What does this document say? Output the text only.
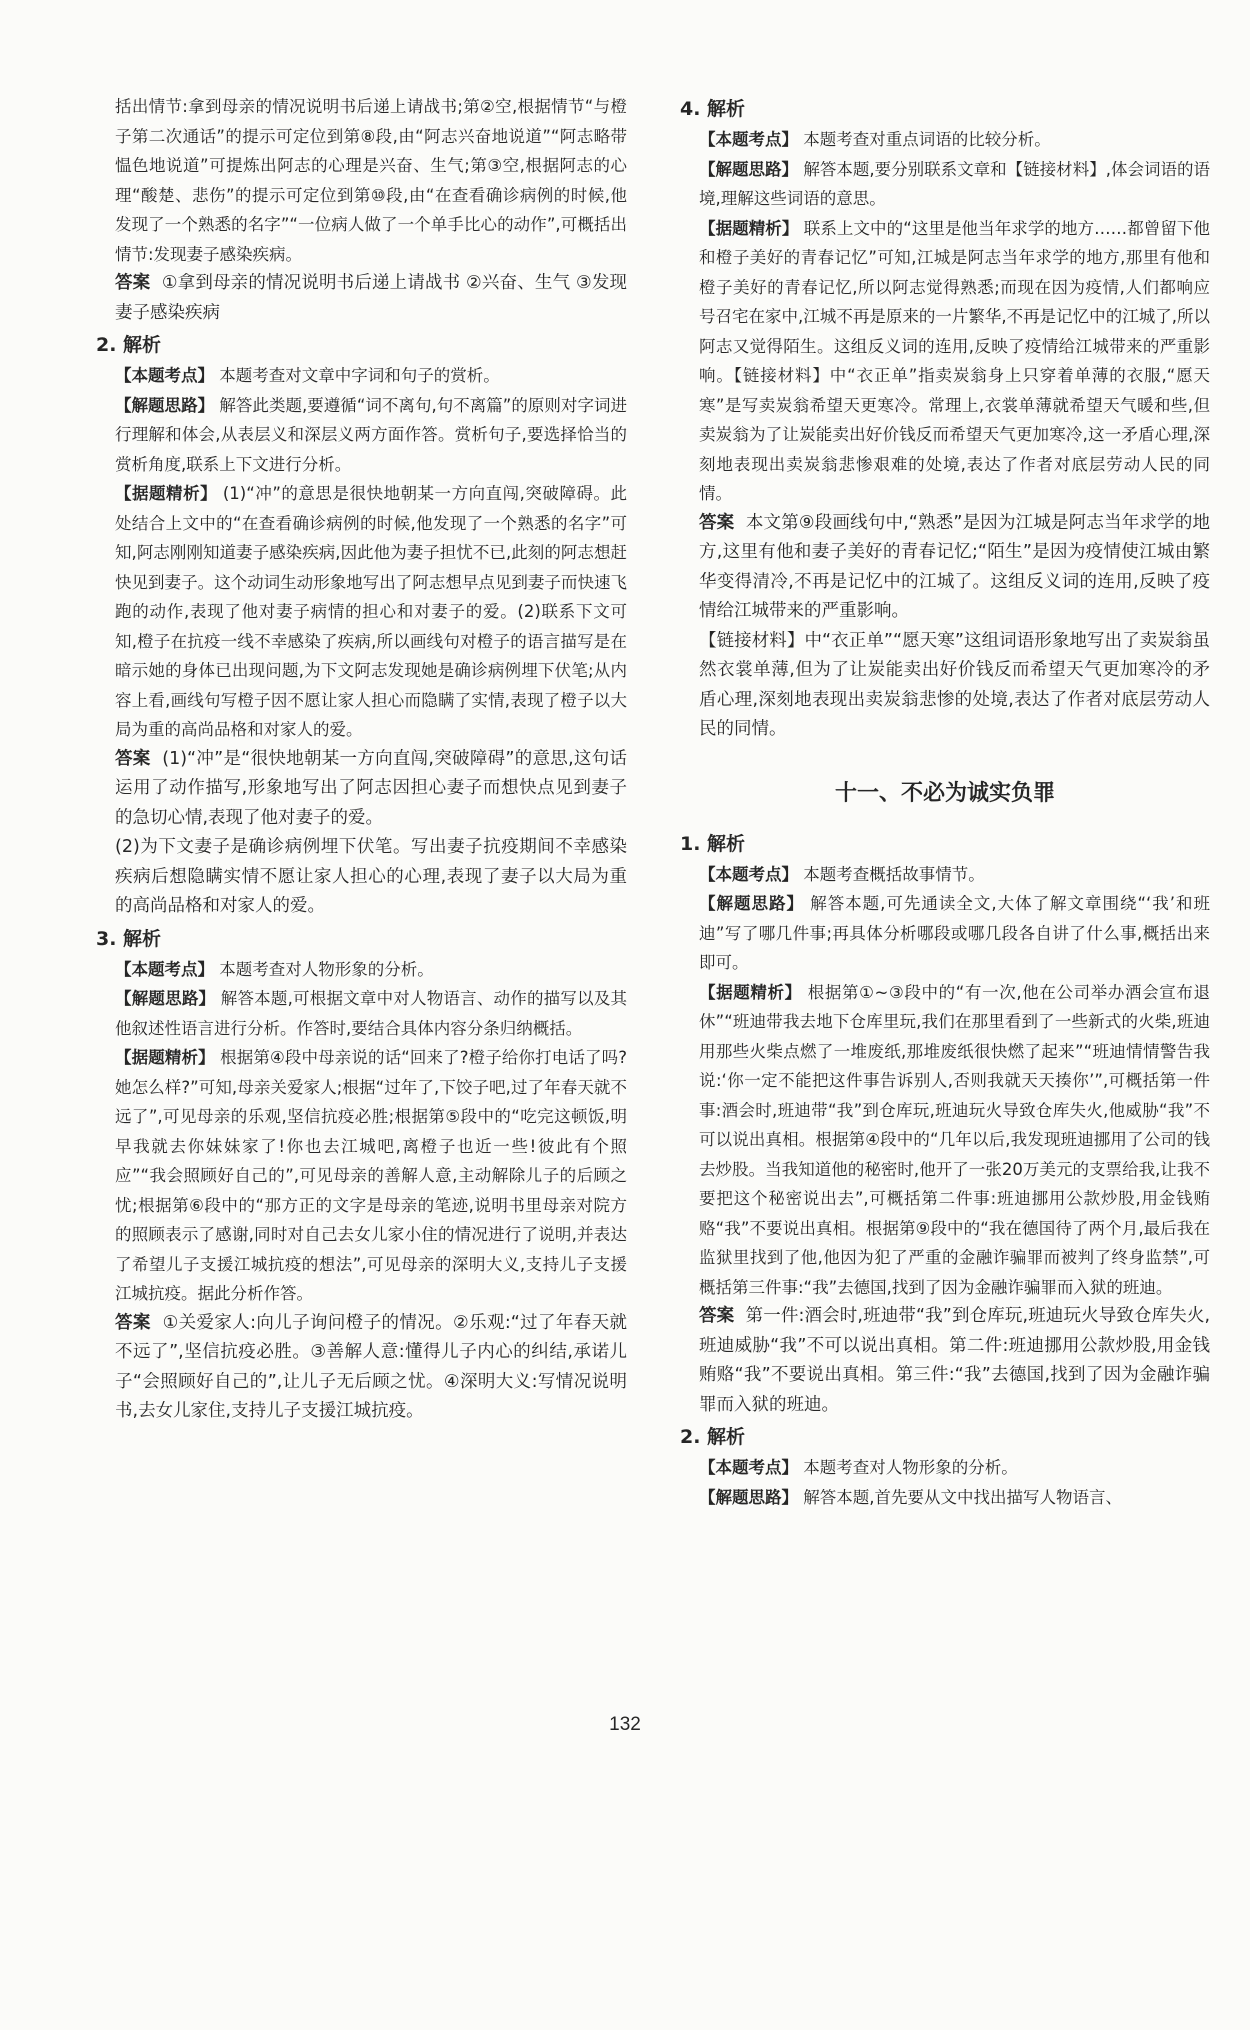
括出情节:拿到母亲的情况说明书后递上请战书;第②空,根据情节“与橙子第二次通话”的提示可定位到第⑧段,由“阿志兴奋地说道”“阿志略带愠色地说道”可提炼出阿志的心理是兴奋、生气;第③空,根据阿志的心理“酸楚、悲伤”的提示可定位到第⑩段,由“在查看确诊病例的时候,他发现了一个熟悉的名字”“一位病人做了一个单手比心的动作”,可概括出情节:发现妻子感染疾病。

答案 ①拿到母亲的情况说明书后递上请战书 ②兴奋、生气 ③发现妻子感染疾病

2. 解析

【本题考点】 本题考查对文章中字词和句子的赏析。

【解题思路】 解答此类题,要遵循“词不离句,句不离篇”的原则对字词进行理解和体会,从表层义和深层义两方面作答。赏析句子,要选择恰当的赏析角度,联系上下文进行分析。

【据题精析】 (1)“冲”的意思是很快地朝某一方向直闯,突破障碍。此处结合上文中的“在查看确诊病例的时候,他发现了一个熟悉的名字”可知,阿志刚刚知道妻子感染疾病,因此他为妻子担忧不已,此刻的阿志想赶快见到妻子。这个动词生动形象地写出了阿志想早点见到妻子而快速飞跑的动作,表现了他对妻子病情的担心和对妻子的爱。(2)联系下文可知,橙子在抗疫一线不幸感染了疾病,所以画线句对橙子的语言描写是在暗示她的身体已出现问题,为下文阿志发现她是确诊病例埋下伏笔;从内容上看,画线句写橙子因不愿让家人担心而隐瞒了实情,表现了橙子以大局为重的高尚品格和对家人的爱。

答案 (1)“冲”是“很快地朝某一方向直闯,突破障碍”的意思,这句话运用了动作描写,形象地写出了阿志因担心妻子而想快点见到妻子的急切心情,表现了他对妻子的爱。

(2)为下文妻子是确诊病例埋下伏笔。写出妻子抗疫期间不幸感染疾病后想隐瞒实情不愿让家人担心的心理,表现了妻子以大局为重的高尚品格和对家人的爱。

3. 解析

【本题考点】 本题考查对人物形象的分析。

【解题思路】 解答本题,可根据文章中对人物语言、动作的描写以及其他叙述性语言进行分析。作答时,要结合具体内容分条归纳概括。

【据题精析】 根据第④段中母亲说的话“回来了?橙子给你打电话了吗?她怎么样?”可知,母亲关爱家人;根据“过年了,下饺子吧,过了年春天就不远了”,可见母亲的乐观,坚信抗疫必胜;根据第⑤段中的“吃完这顿饭,明早我就去你妹妹家了!你也去江城吧,离橙子也近一些!彼此有个照应”“我会照顾好自己的”,可见母亲的善解人意,主动解除儿子的后顾之忧;根据第⑥段中的“那方正的文字是母亲的笔迹,说明书里母亲对院方的照顾表示了感谢,同时对自己去女儿家小住的情况进行了说明,并表达了希望儿子支援江城抗疫的想法”,可见母亲的深明大义,支持儿子支援江城抗疫。据此分析作答。

答案 ①关爱家人:向儿子询问橙子的情况。②乐观:“过了年春天就不远了”,坚信抗疫必胜。③善解人意:懂得儿子内心的纠结,承诺儿子“会照顾好自己的”,让儿子无后顾之忧。④深明大义:写情况说明书,去女儿家住,支持儿子支援江城抗疫。

4. 解析

【本题考点】 本题考查对重点词语的比较分析。

【解题思路】 解答本题,要分别联系文章和【链接材料】,体会词语的语境,理解这些词语的意思。

【据题精析】 联系上文中的“这里是他当年求学的地方……都曾留下他和橙子美好的青春记忆”可知,江城是阿志当年求学的地方,那里有他和橙子美好的青春记忆,所以阿志觉得熟悉;而现在因为疫情,人们都响应号召宅在家中,江城不再是原来的一片繁华,不再是记忆中的江城了,所以阿志又觉得陌生。这组反义词的连用,反映了疫情给江城带来的严重影响。【链接材料】中“衣正单”指卖炭翁身上只穿着单薄的衣服,“愿天寒”是写卖炭翁希望天更寒冷。常理上,衣裳单薄就希望天气暖和些,但卖炭翁为了让炭能卖出好价钱反而希望天气更加寒冷,这一矛盾心理,深刻地表现出卖炭翁悲惨艰难的处境,表达了作者对底层劳动人民的同情。

答案 本文第⑨段画线句中,“熟悉”是因为江城是阿志当年求学的地方,这里有他和妻子美好的青春记忆;“陌生”是因为疫情使江城由繁华变得清冷,不再是记忆中的江城了。这组反义词的连用,反映了疫情给江城带来的严重影响。

【链接材料】中“衣正单”“愿天寒”这组词语形象地写出了卖炭翁虽然衣裳单薄,但为了让炭能卖出好价钱反而希望天气更加寒冷的矛盾心理,深刻地表现出卖炭翁悲惨的处境,表达了作者对底层劳动人民的同情。

十一、不必为诚实负罪
1. 解析

【本题考点】 本题考查概括故事情节。

【解题思路】 解答本题,可先通读全文,大体了解文章围绕“‘我’和班迪”写了哪几件事;再具体分析哪段或哪几段各自讲了什么事,概括出来即可。

【据题精析】 根据第①~③段中的“有一次,他在公司举办酒会宣布退休”“班迪带我去地下仓库里玩,我们在那里看到了一些新式的火柴,班迪用那些火柴点燃了一堆废纸,那堆废纸很快燃了起来”“班迪情情警告我说:‘你一定不能把这件事告诉别人,否则我就天天揍你’”,可概括第一件事:酒会时,班迪带“我”到仓库玩,班迪玩火导致仓库失火,他威胁“我”不可以说出真相。根据第④段中的“几年以后,我发现班迪挪用了公司的钱去炒股。当我知道他的秘密时,他开了一张20万美元的支票给我,让我不要把这个秘密说出去”,可概括第二件事:班迪挪用公款炒股,用金钱贿赂“我”不要说出真相。根据第⑨段中的“我在德国待了两个月,最后我在监狱里找到了他,他因为犯了严重的金融诈骗罪而被判了终身监禁”,可概括第三件事:“我”去德国,找到了因为金融诈骗罪而入狱的班迪。

答案 第一件:酒会时,班迪带“我”到仓库玩,班迪玩火导致仓库失火,班迪威胁“我”不可以说出真相。第二件:班迪挪用公款炒股,用金钱贿赂“我”不要说出真相。第三件:“我”去德国,找到了因为金融诈骗罪而入狱的班迪。

2. 解析

【本题考点】 本题考查对人物形象的分析。

【解题思路】 解答本题,首先要从文中找出描写人物语言、

132
